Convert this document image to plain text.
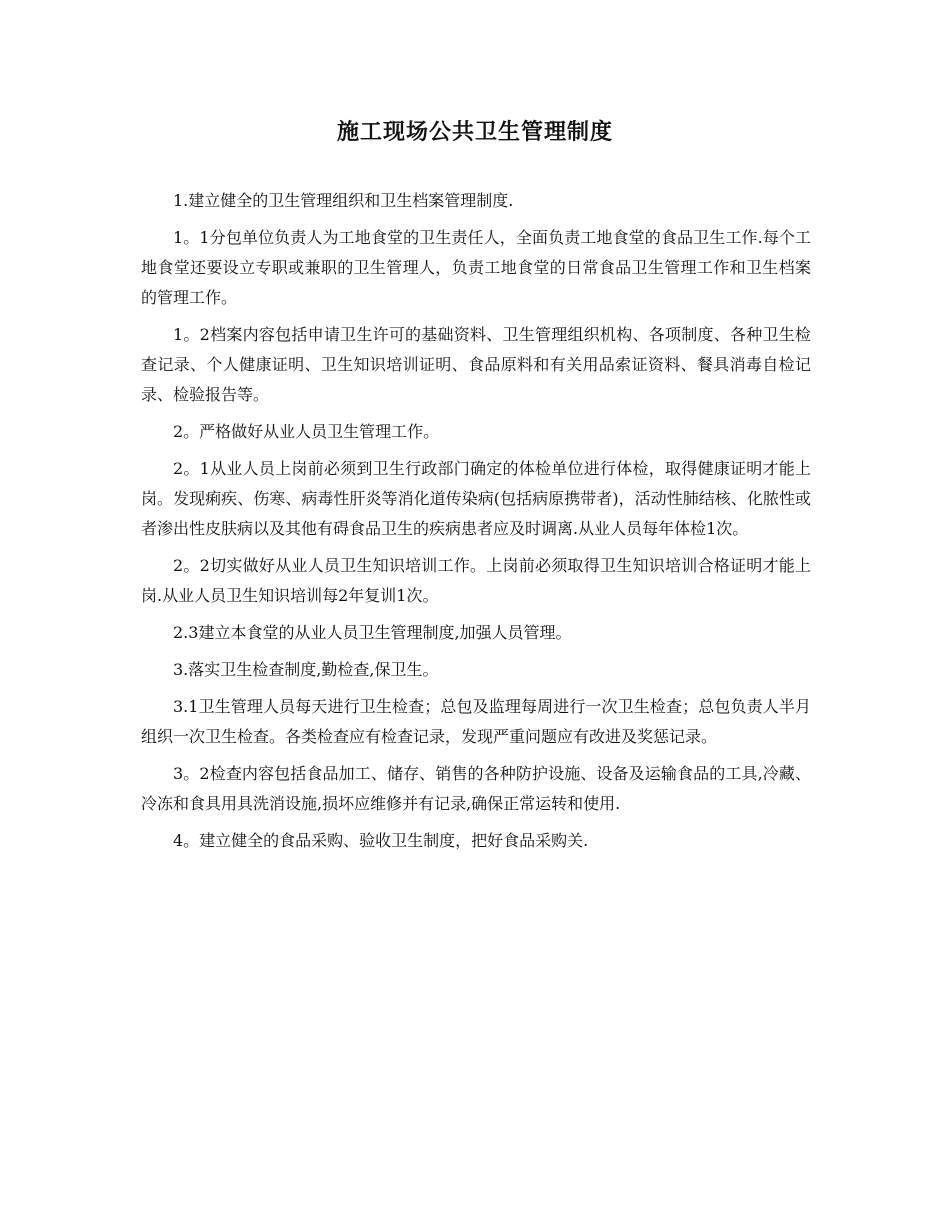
施工现场公共卫生管理制度

1.建立健全的卫生管理组织和卫生档案管理制度.

1。1分包单位负责人为工地食堂的卫生责任人，全面负责工地食堂的食品卫生工作.每个工地食堂还要设立专职或兼职的卫生管理人，负责工地食堂的日常食品卫生管理工作和卫生档案的管理工作。

1。2档案内容包括申请卫生许可的基础资料、卫生管理组织机构、各项制度、各种卫生检查记录、个人健康证明、卫生知识培训证明、食品原料和有关用品索证资料、餐具消毒自检记录、检验报告等。

2。严格做好从业人员卫生管理工作。

2。1从业人员上岗前必须到卫生行政部门确定的体检单位进行体检，取得健康证明才能上岗。发现痢疾、伤寒、病毒性肝炎等消化道传染病(包括病原携带者)，活动性肺结核、化脓性或者渗出性皮肤病以及其他有碍食品卫生的疾病患者应及时调离.从业人员每年体检1次。

2。2切实做好从业人员卫生知识培训工作。上岗前必须取得卫生知识培训合格证明才能上岗.从业人员卫生知识培训每2年复训1次。

2.3建立本食堂的从业人员卫生管理制度,加强人员管理。

3.落实卫生检查制度,勤检查,保卫生。

3.1卫生管理人员每天进行卫生检查；总包及监理每周进行一次卫生检查；总包负责人半月组织一次卫生检查。各类检查应有检查记录，发现严重问题应有改进及奖惩记录。

3。2检查内容包括食品加工、储存、销售的各种防护设施、设备及运输食品的工具,冷藏、冷冻和食具用具洗消设施,损坏应维修并有记录,确保正常运转和使用.

4。建立健全的食品采购、验收卫生制度，把好食品采购关.
